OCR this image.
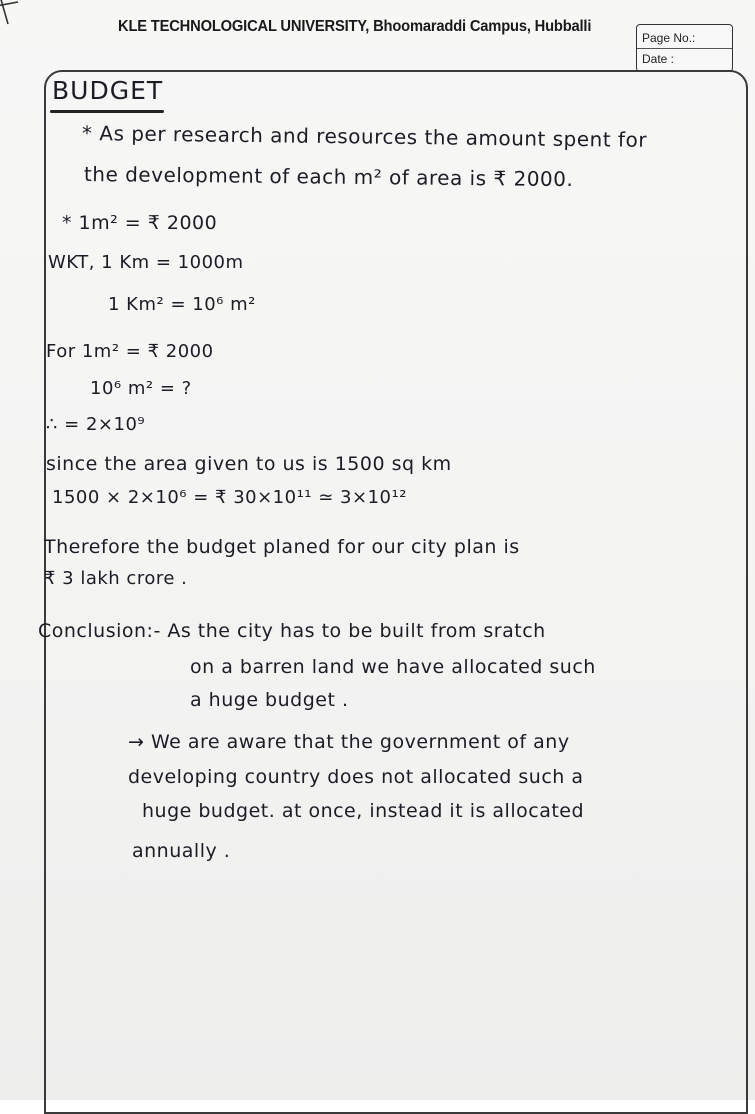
KLE TECHNOLOGICAL UNIVERSITY, Bhoomaraddi Campus, Hubballi
Page No.:
Date :
BUDGET
* As per research and resources the amount spent for
the development of each m² of area is ₹ 2000.
* 1m² = ₹ 2000
WKT, 1 Km = 1000m
1 Km² = 10⁶ m²
For 1m² = ₹ 2000
10⁶ m² = ?
∴ = 2×10⁹
since the area given to us is 1500 sq km
1500 × 2×10⁶ = ₹ 30×10¹¹ ≃ 3×10¹²
Therefore the budget planed for our city plan is
₹ 3 lakh crore .
Conclusion:- As the city has to be built from sratch
on a barren land we have allocated such
a huge budget .
→ We are aware that the government of any
developing country does not allocated such a
huge budget. at once, instead it is allocated
annually .
